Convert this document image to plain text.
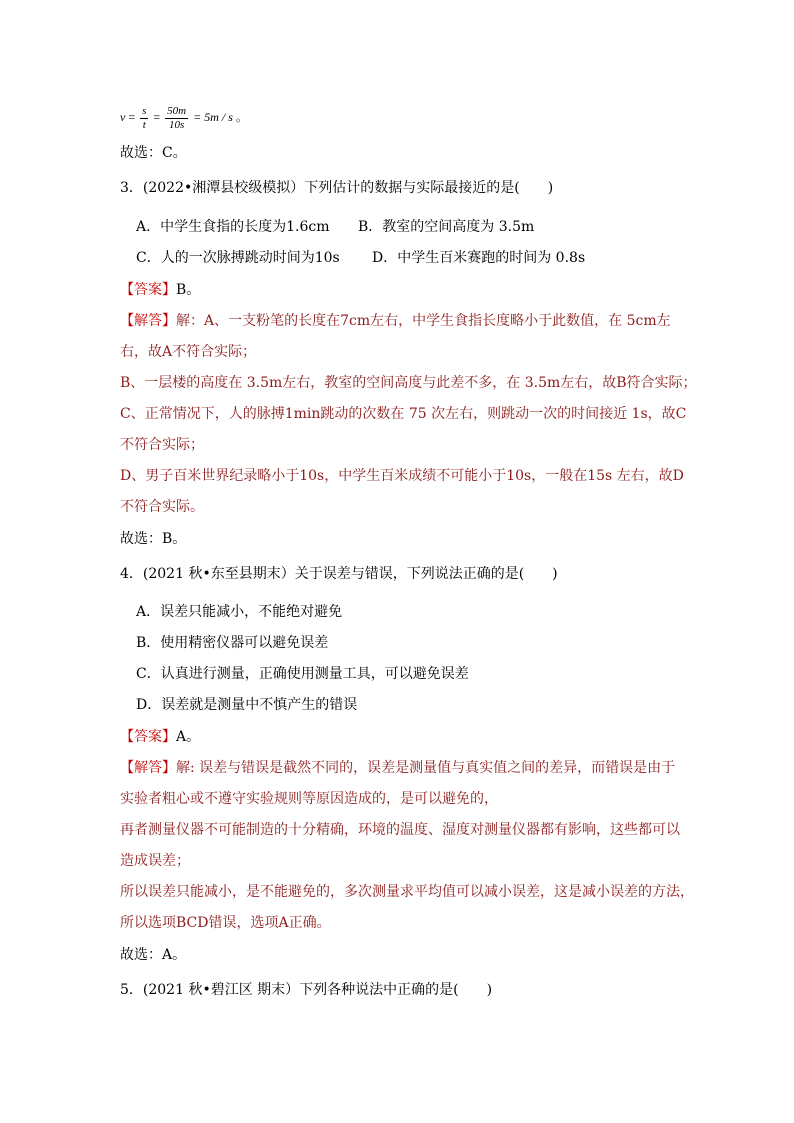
$v = \frac{s}{t} = \frac{50m}{10s} = 5m / s$ 。
故选：C。
3．(2022•湘潭县校级模拟）下列估计的数据与实际最接近的是(　　)
A．中学生食指的长度为1.6cm B．教室的空间高度为 3.5m
C．人的一次脉搏跳动时间为10s D．中学生百米赛跑的时间为 0.8s
【答案】B。
【解答】解：A、一支粉笔的长度在7cm左右，中学生食指长度略小于此数值，在 5cm左
右，故A不符合实际；
B、一层楼的高度在 3.5m左右，教室的空间高度与此差不多，在 3.5m左右，故B符合实际；
C、正常情况下，人的脉搏1min跳动的次数在 75 次左右，则跳动一次的时间接近 1s，故C
不符合实际；
D、男子百米世界纪录略小于10s，中学生百米成绩不可能小于10s，一般在15s 左右，故D
不符合实际。
故选：B。
4．(2021 秋•东至县期末）关于误差与错误，下列说法正确的是(　　)
A．误差只能减小，不能绝对避免
B．使用精密仪器可以避免误差
C．认真进行测量，正确使用测量工具，可以避免误差
D．误差就是测量中不慎产生的错误
【答案】A。
【解答】解: 误差与错误是截然不同的，误差是测量值与真实值之间的差异，而错误是由于
实验者粗心或不遵守实验规则等原因造成的，是可以避免的，
再者测量仪器不可能制造的十分精确，环境的温度、湿度对测量仪器都有影响，这些都可以
造成误差；
所以误差只能减小，是不能避免的，多次测量求平均值可以减小误差，这是减小误差的方法，
所以选项BCD错误，选项A正确。
故选：A。
5．(2021 秋•碧江区 期末）下列各种说法中正确的是(　　)
